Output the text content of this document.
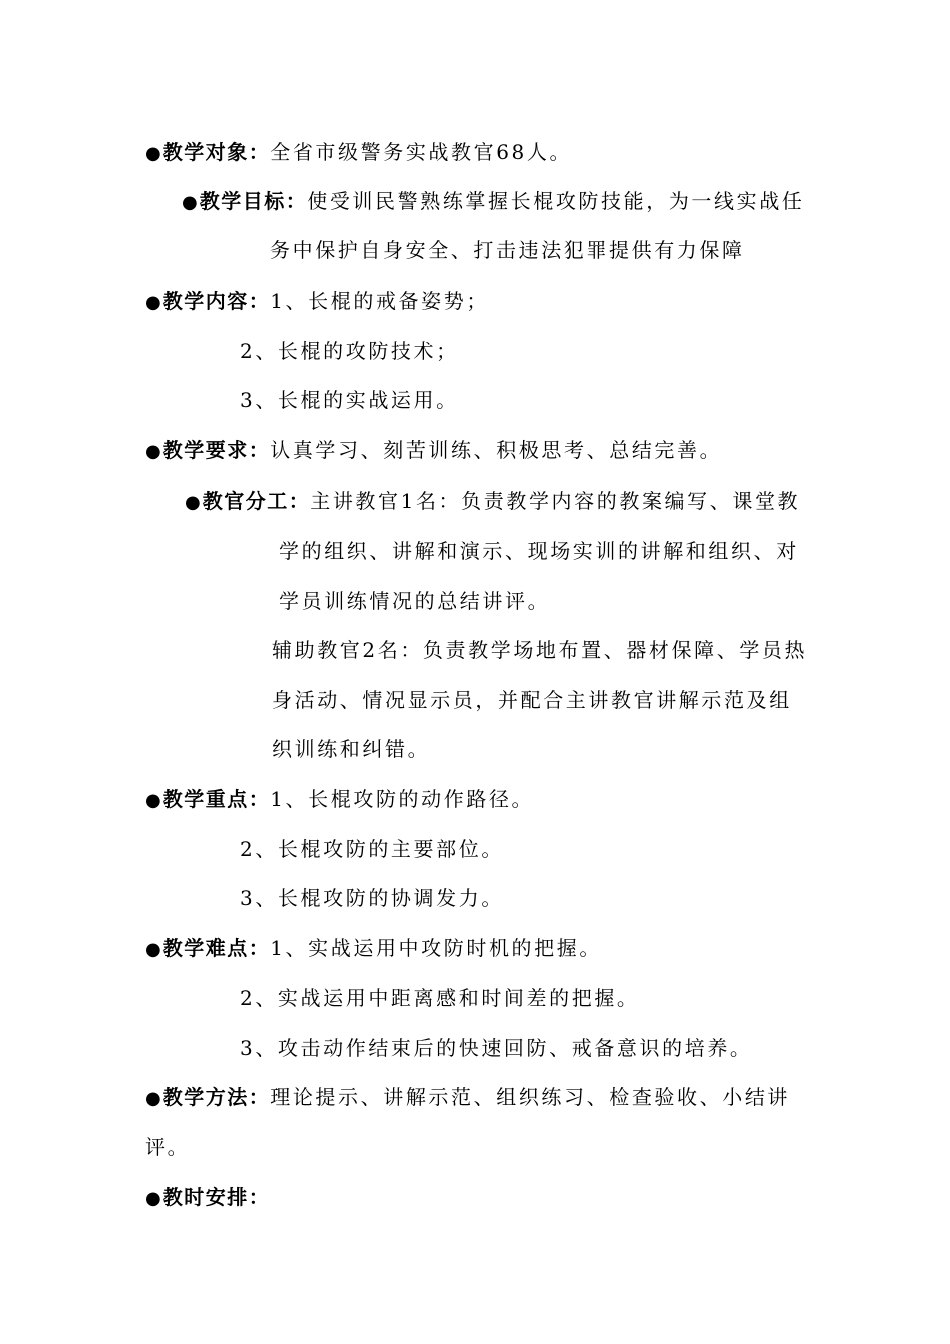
● 教学对象：全省市级警务实战教官68人。
● 教学目标：使受训民警熟练掌握长棍攻防技能，为一线实战任
务中保护自身安全、打击违法犯罪提供有力保障
● 教学内容：1、长棍的戒备姿势；
2、长棍的攻防技术；
3、长棍的实战运用。
● 教学要求：认真学习、刻苦训练、积极思考、总结完善。
● 教官分工：主讲教官1名：负责教学内容的教案编写、课堂教
学的组织、讲解和演示、现场实训的讲解和组织、对
学员训练情况的总结讲评。
辅助教官2名：负责教学场地布置、器材保障、学员热
身活动、情况显示员，并配合主讲教官讲解示范及组
织训练和纠错。
● 教学重点：1、长棍攻防的动作路径。
2、长棍攻防的主要部位。
3、长棍攻防的协调发力。
● 教学难点：1、实战运用中攻防时机的把握。
2、实战运用中距离感和时间差的把握。
3、攻击动作结束后的快速回防、戒备意识的培养。
● 教学方法：理论提示、讲解示范、组织练习、检查验收、小结讲
评。
● 教时安排：
